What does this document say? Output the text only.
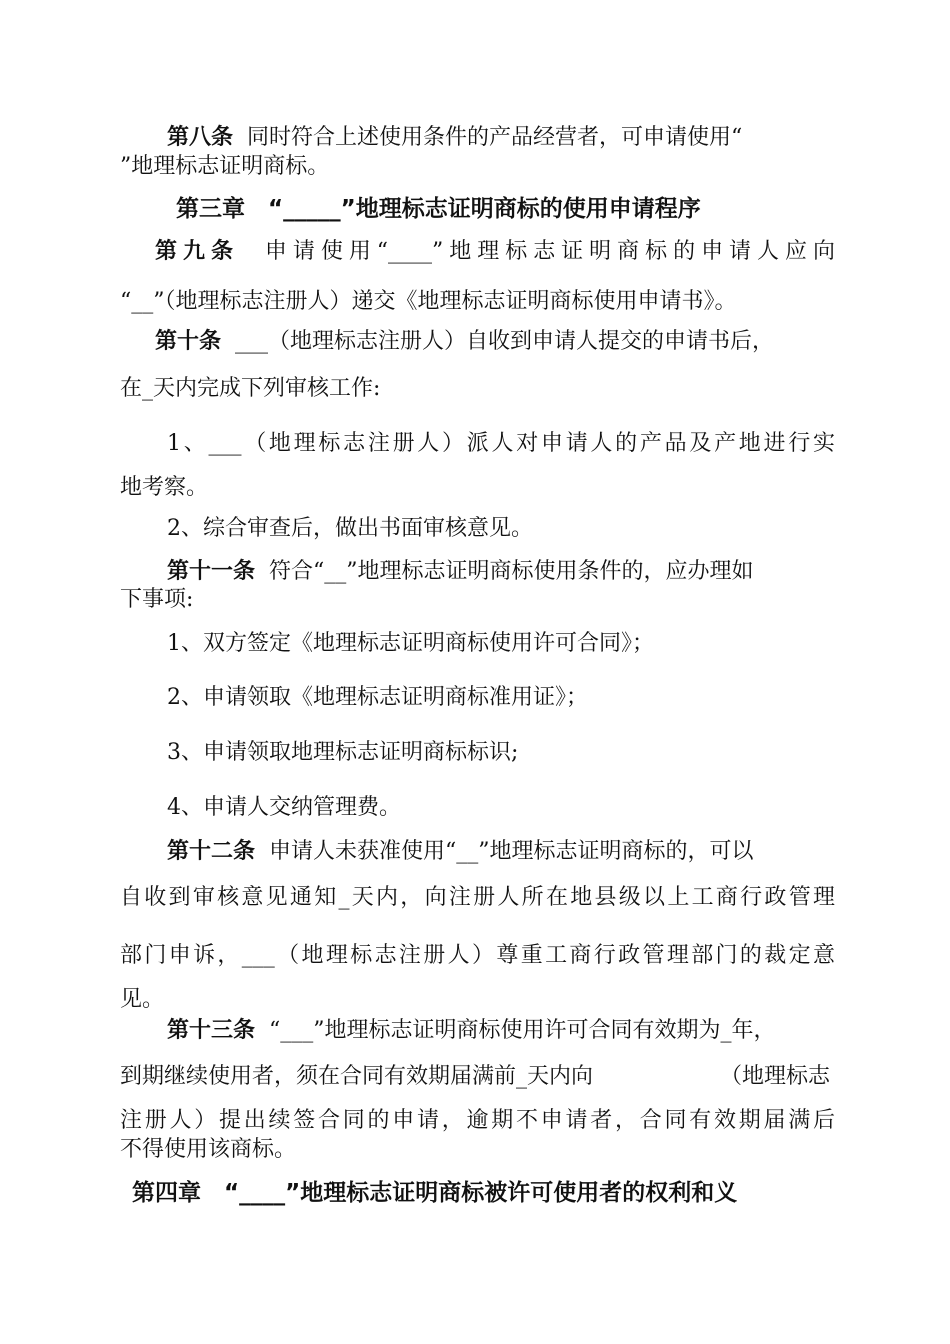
第八条 同时符合上述使用条件的产品经营者，可申请使用“
”地理标志证明商标。
第三章　“_____”地理标志证明商标的使用申请程序
第九条 申请使用“____”地理标志证明商标的申请人应向
“__”（地理标志注册人）递交《地理标志证明商标使用申请书》。
第十条 ___（地理标志注册人）自收到申请人提交的申请书后，
在_天内完成下列审核工作:
1、___（地理标志注册人）派人对申请人的产品及产地进行实
地考察。
2、综合审查后，做出书面审核意见。
第十一条 符合“__”地理标志证明商标使用条件的，应办理如
下事项:
1、双方签定《地理标志证明商标使用许可合同》；
2、申请领取《地理标志证明商标准用证》；
3、申请领取地理标志证明商标标识;
4、申请人交纳管理费。
第十二条 申请人未获准使用“__”地理标志证明商标的，可以
自收到审核意见通知_天内，向注册人所在地县级以上工商行政管理
部门申诉，___（地理标志注册人）尊重工商行政管理部门的裁定意
见。
第十三条 “___”地理标志证明商标使用许可合同有效期为_年，
到期继续使用者，须在合同有效期届满前_天内向	（地理标志
注册人）提出续签合同的申请，逾期不申请者，合同有效期届满后
不得使用该商标。
第四章　“____”地理标志证明商标被许可使用者的权利和义
